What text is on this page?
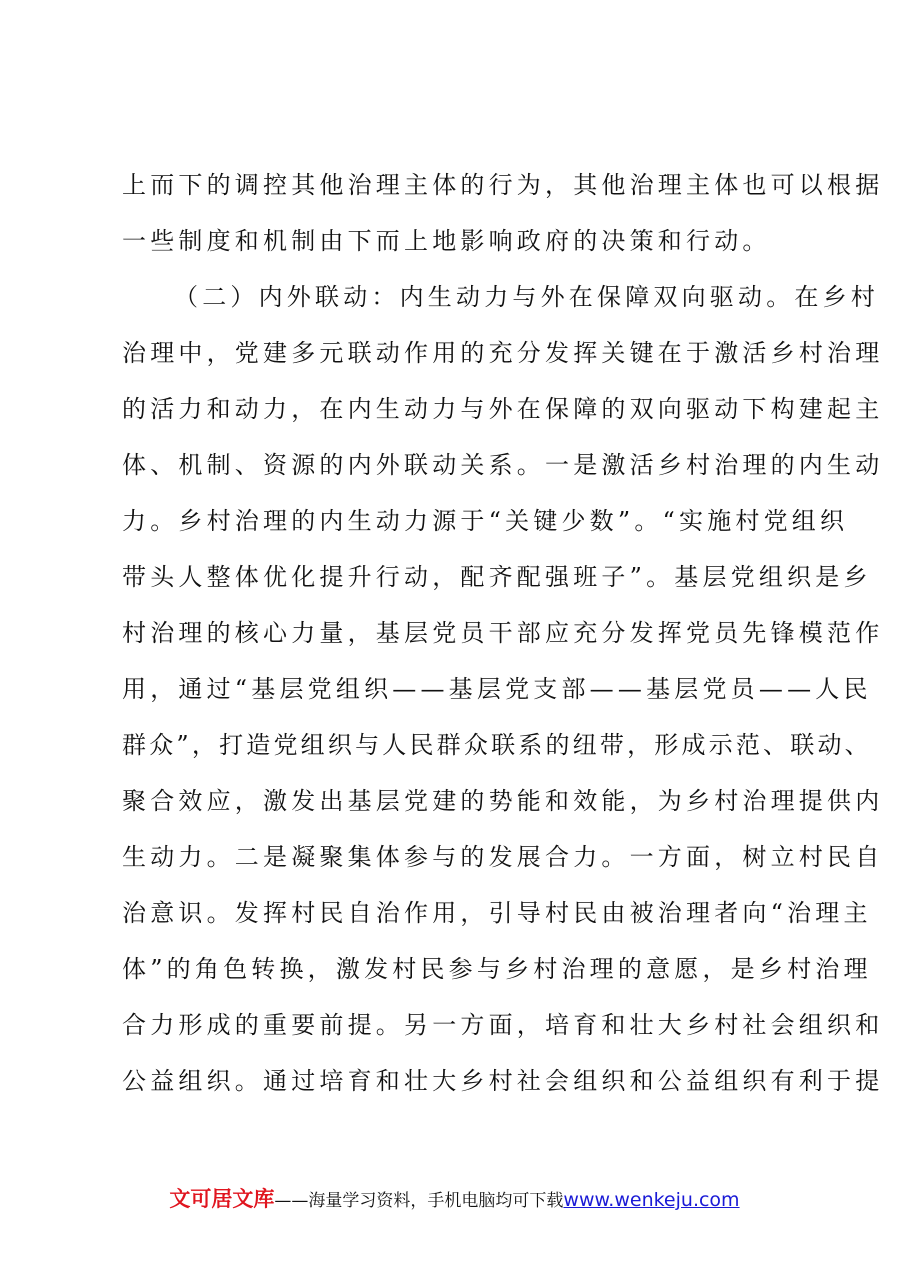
上而下的调控其他治理主体的行为，其他治理主体也可以根据
一些制度和机制由下而上地影响政府的决策和行动。
（二）内外联动：内生动力与外在保障双向驱动。在乡村
治理中，党建多元联动作用的充分发挥关键在于激活乡村治理
的活力和动力，在内生动力与外在保障的双向驱动下构建起主
体、机制、资源的内外联动关系。一是激活乡村治理的内生动
力。乡村治理的内生动力源于“关键少数”。“实施村党组织
带头人整体优化提升行动，配齐配强班子”。基层党组织是乡
村治理的核心力量，基层党员干部应充分发挥党员先锋模范作
用，通过“基层党组织——基层党支部——基层党员——人民
群众”，打造党组织与人民群众联系的纽带，形成示范、联动、
聚合效应，激发出基层党建的势能和效能，为乡村治理提供内
生动力。二是凝聚集体参与的发展合力。一方面，树立村民自
治意识。发挥村民自治作用，引导村民由被治理者向“治理主
体”的角色转换，激发村民参与乡村治理的意愿，是乡村治理
合力形成的重要前提。另一方面，培育和壮大乡村社会组织和
公益组织。通过培育和壮大乡村社会组织和公益组织有利于提
文可居文库——海量学习资料，手机电脑均可下载www.wenkeju.com
